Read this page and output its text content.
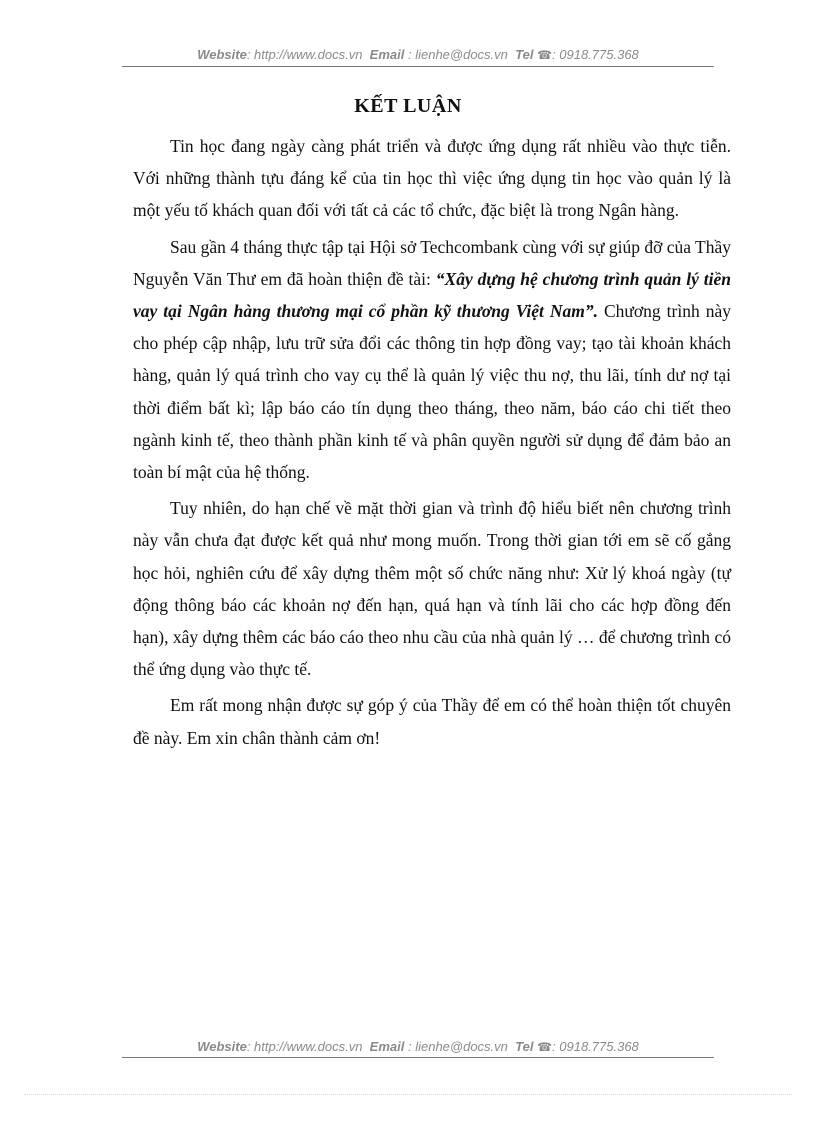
Website: http://www.docs.vn Email : lienhe@docs.vn Tel ☎: 0918.775.368
KẾT LUẬN

Tin học đang ngày càng phát triển và được ứng dụng rất nhiều vào thực tiễn. Với những thành tựu đáng kể của tin học thì việc ứng dụng tin học vào quản lý là một yếu tố khách quan đối với tất cả các tổ chức, đặc biệt là trong Ngân hàng.

Sau gần 4 tháng thực tập tại Hội sở Techcombank cùng với sự giúp đỡ của Thầy Nguyễn Văn Thư em đã hoàn thiện đề tài: “Xây dựng hệ chương trình quản lý tiền vay tại Ngân hàng thương mại cổ phần kỹ thương Việt Nam”. Chương trình này cho phép cập nhập, lưu trữ sửa đổi các thông tin hợp đồng vay; tạo tài khoản khách hàng, quản lý quá trình cho vay cụ thể là quản lý việc thu nợ, thu lãi, tính dư nợ tại thời điểm bất kì; lập báo cáo tín dụng theo tháng, theo năm, báo cáo chi tiết theo ngành kinh tế, theo thành phần kinh tế và phân quyền người sử dụng để đảm bảo an toàn bí mật của hệ thống.

Tuy nhiên, do hạn chế về mặt thời gian và trình độ hiểu biết nên chương trình này vẫn chưa đạt được kết quả như mong muốn. Trong thời gian tới em sẽ cố gắng học hỏi, nghiên cứu để xây dựng thêm một số chức năng như: Xử lý khoá ngày (tự động thông báo các khoản nợ đến hạn, quá hạn và tính lãi cho các hợp đồng đến hạn), xây dựng thêm các báo cáo theo nhu cầu của nhà quản lý … để chương trình có thể ứng dụng vào thực tế.

Em rất mong nhận được sự góp ý của Thầy để em có thể hoàn thiện tốt chuyên đề này. Em xin chân thành cảm ơn!

Website: http://www.docs.vn Email : lienhe@docs.vn Tel ☎: 0918.775.368
